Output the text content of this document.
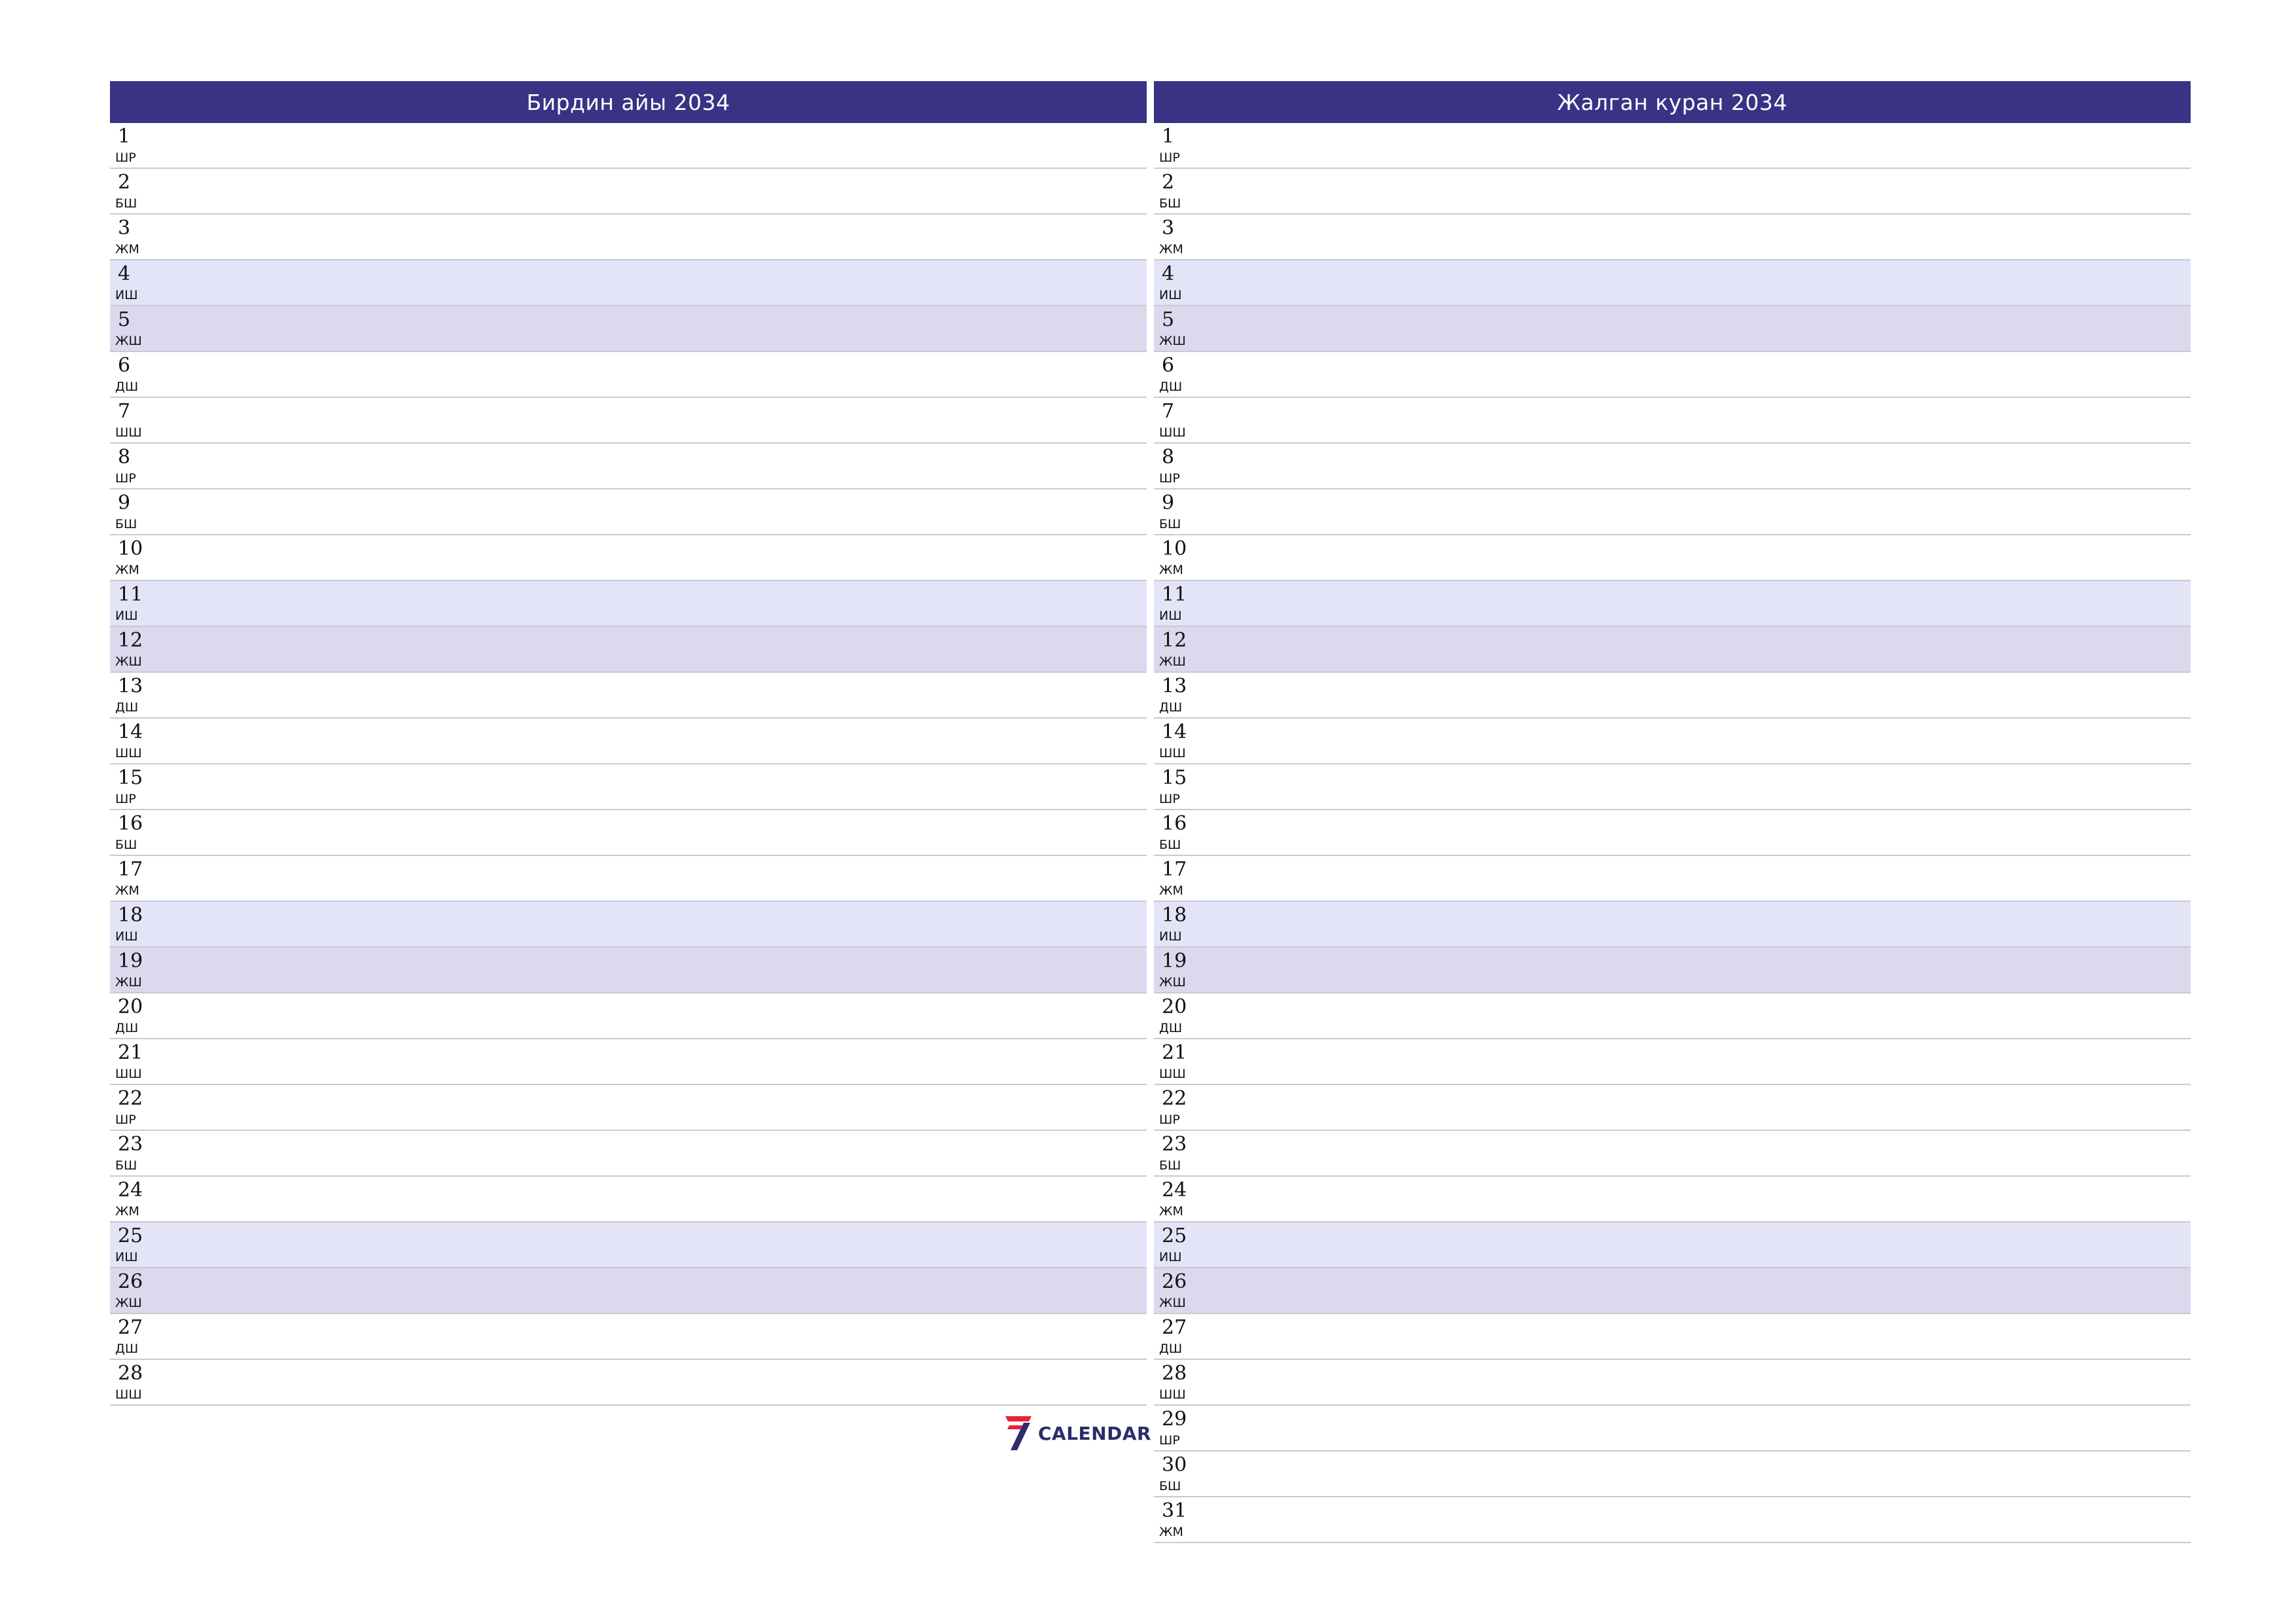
Бирдин айы 2034
1
ШР
2
БШ
3
ЖМ
4
ИШ
5
ЖШ
6
ДШ
7
ШШ
8
ШР
9
БШ
10
ЖМ
11
ИШ
12
ЖШ
13
ДШ
14
ШШ
15
ШР
16
БШ
17
ЖМ
18
ИШ
19
ЖШ
20
ДШ
21
ШШ
22
ШР
23
БШ
24
ЖМ
25
ИШ
26
ЖШ
27
ДШ
28
ШШ
Жалган куран 2034
1
ШР
2
БШ
3
ЖМ
4
ИШ
5
ЖШ
6
ДШ
7
ШШ
8
ШР
9
БШ
10
ЖМ
11
ИШ
12
ЖШ
13
ДШ
14
ШШ
15
ШР
16
БШ
17
ЖМ
18
ИШ
19
ЖШ
20
ДШ
21
ШШ
22
ШР
23
БШ
24
ЖМ
25
ИШ
26
ЖШ
27
ДШ
28
ШШ
29
ШР
30
БШ
31
ЖМ
CALENDAR
